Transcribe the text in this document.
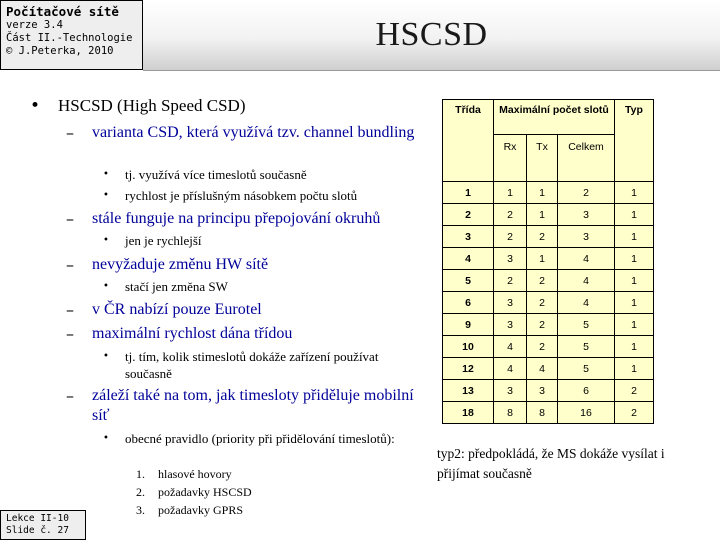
Počítačové sítě
verze 3.4
Část II.-Technologie
© J.Peterka, 2010	HSCSD
• HSCSD (High Speed CSD)
– varianta CSD, která využívá tzv. channel bundling
• tj. využívá více timeslotů současně
• rychlost je příslušným násobkem počtu slotů
– stále funguje na principu přepojování okruhů
• jen je rychlejší
– nevyžaduje změnu HW sítě
• stačí jen změna SW
– v ČR nabízí pouze Eurotel
– maximální rychlost dána třídou
• tj. tím, kolik stimeslotů dokáže zařízení používat současně
– záleží také na tom, jak timesloty přiděluje mobilní síť
• obecné pravidlo (priority při přidělování timeslotů):
1. hlasové hovory
2. požadavky HSCSD
3. požadavky GPRS
Třída	Maximální počet slotů			Typ
	Rx	Tx	Celkem	
1	1	1	2	1
2	2	1	3	1
3	2	2	3	1
4	3	1	4	1
5	2	2	4	1
6	3	2	4	1
9	3	2	5	1
10	4	2	5	1
12	4	4	5	1
13	3	3	6	2
18	8	8	16	2
typ2: předpokládá, že MS dokáže vysílat i přijímat současně
Lekce II-10
Slide č. 27
